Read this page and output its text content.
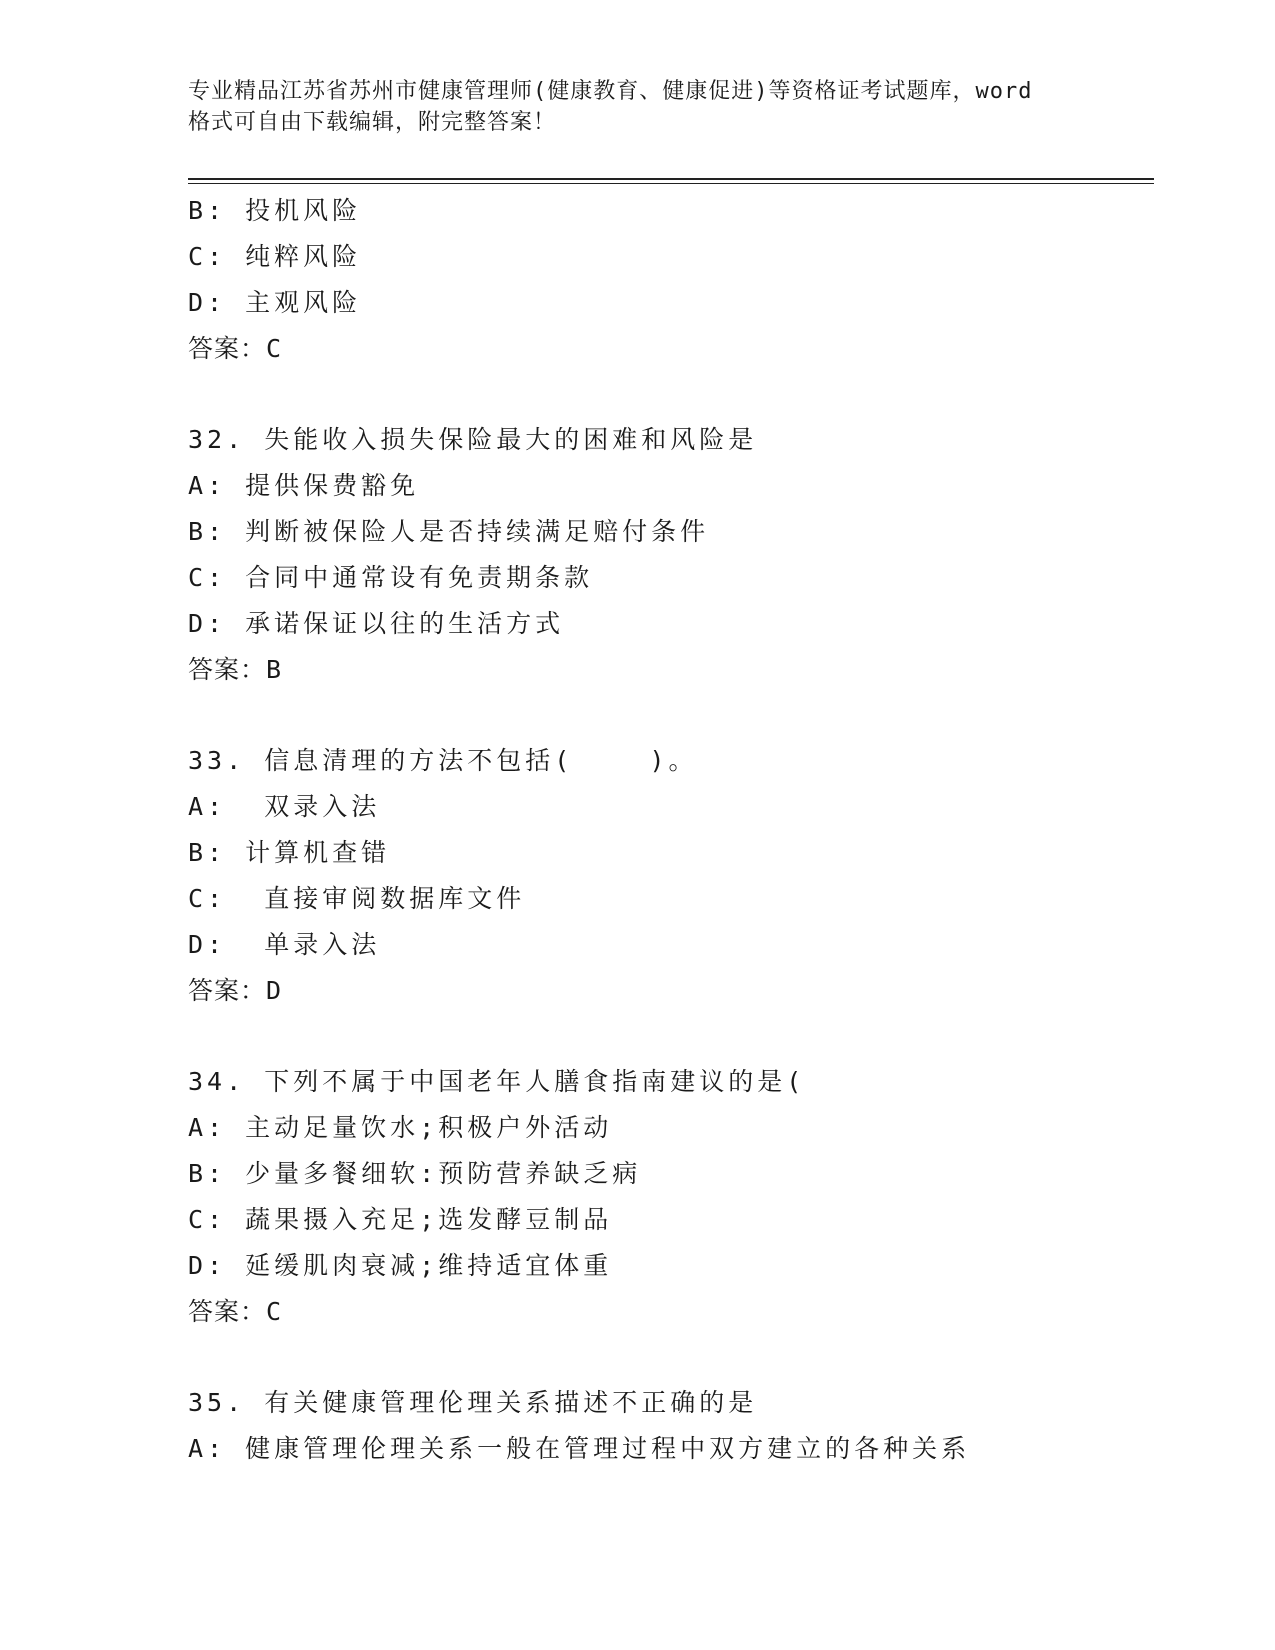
专业精品江苏省苏州市健康管理师(健康教育、健康促进)等资格证考试题库，word
格式可自由下载编辑，附完整答案！
B: 投机风险
C: 纯粹风险
D: 主观风险
答案：C
32. 失能收入损失保险最大的困难和风险是
A: 提供保费豁免
B: 判断被保险人是否持续满足赔付条件
C: 合同中通常设有免责期条款
D: 承诺保证以往的生活方式
答案：B
33. 信息清理的方法不包括(    )。
A:  双录入法
B: 计算机查错
C:  直接审阅数据库文件
D:  单录入法
答案：D
34. 下列不属于中国老年人膳食指南建议的是(
A: 主动足量饮水;积极户外活动
B: 少量多餐细软:预防营养缺乏病
C: 蔬果摄入充足;选发酵豆制品
D: 延缓肌肉衰减;维持适宜体重
答案：C
35. 有关健康管理伦理关系描述不正确的是
A: 健康管理伦理关系一般在管理过程中双方建立的各种关系
